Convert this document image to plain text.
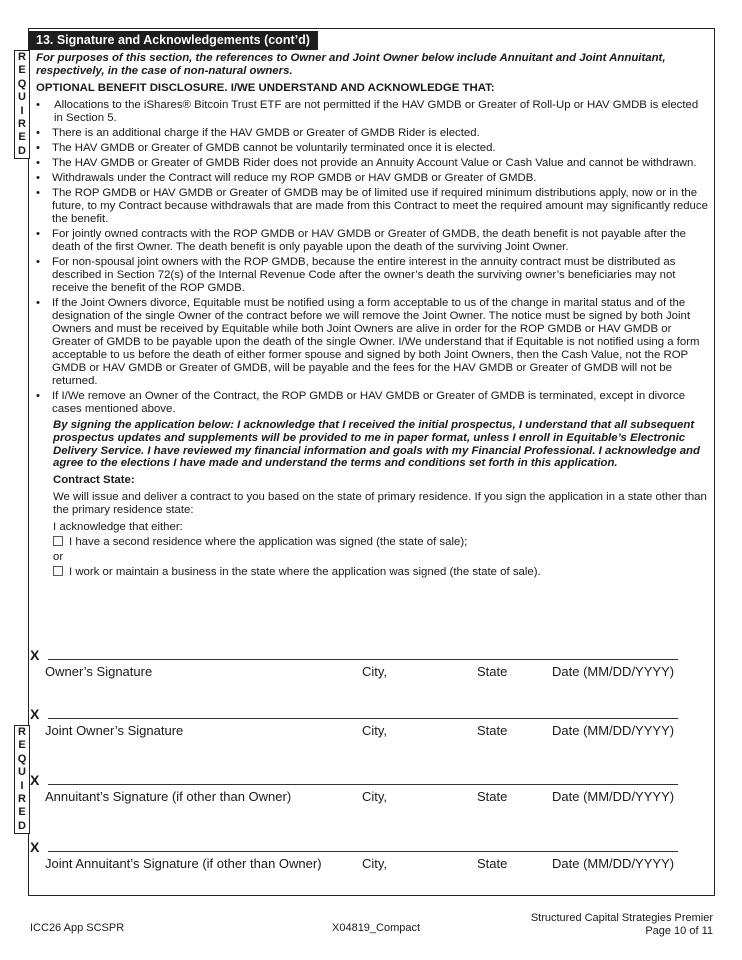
13. Signature and Acknowledgements (cont’d)
R
E
Q
U
I
R
E
D
R
E
Q
U
I
R
E
D

For purposes of this section, the references to Owner and Joint Owner below include Annuitant and Joint Annuitant, respectively, in the case of non-natural owners.

OPTIONAL BENEFIT DISCLOSURE. I/WE UNDERSTAND AND ACKNOWLEDGE THAT:

• Allocations to the iShares® Bitcoin Trust ETF are not permitted if the HAV GMDB or Greater of Roll-Up or HAV GMDB is elected in Section 5.
• There is an additional charge if the HAV GMDB or Greater of GMDB Rider is elected.
• The HAV GMDB or Greater of GMDB cannot be voluntarily terminated once it is elected.
• The HAV GMDB or Greater of GMDB Rider does not provide an Annuity Account Value or Cash Value and cannot be withdrawn.
• Withdrawals under the Contract will reduce my ROP GMDB or HAV GMDB or Greater of GMDB.
• The ROP GMDB or HAV GMDB or Greater of GMDB may be of limited use if required minimum distributions apply, now or in the future, to my Contract because withdrawals that are made from this Contract to meet the required amount may significantly reduce the benefit.
• For jointly owned contracts with the ROP GMDB or HAV GMDB or Greater of GMDB, the death benefit is not payable after the death of the first Owner. The death benefit is only payable upon the death of the surviving Joint Owner.
• For non-spousal joint owners with the ROP GMDB, because the entire interest in the annuity contract must be distributed as described in Section 72(s) of the Internal Revenue Code after the owner’s death the surviving owner’s beneficiaries may not receive the benefit of the ROP GMDB.
• If the Joint Owners divorce, Equitable must be notified using a form acceptable to us of the change in marital status and of the designation of the single Owner of the contract before we will remove the Joint Owner. The notice must be signed by both Joint Owners and must be received by Equitable while both Joint Owners are alive in order for the ROP GMDB or HAV GMDB or Greater of GMDB to be payable upon the death of the single Owner. I/We understand that if Equitable is not notified using a form acceptable to us before the death of either former spouse and signed by both Joint Owners, then the Cash Value, not the ROP GMDB or HAV GMDB or Greater of GMDB, will be payable and the fees for the HAV GMDB or Greater of GMDB will not be returned.
• If I/We remove an Owner of the Contract, the ROP GMDB or HAV GMDB or Greater of GMDB is terminated, except in divorce cases mentioned above.

By signing the application below: I acknowledge that I received the initial prospectus, I understand that all subsequent prospectus updates and supplements will be provided to me in paper format, unless I enroll in Equitable’s Electronic Delivery Service. I have reviewed my financial information and goals with my Financial Professional. I acknowledge and agree to the elections I have made and understand the terms and conditions set forth in this application.

Contract State:

We will issue and deliver a contract to you based on the state of primary residence. If you sign the application in a state other than the primary residence state:

I acknowledge that either:

I have a second residence where the application was signed (the state of sale);

or

I work or maintain a business in the state where the application was signed (the state of sale).

X
Owner’s Signature	City,	State	Date (MM/DD/YYYY)
X
Joint Owner’s Signature	City,	State	Date (MM/DD/YYYY)
X
Annuitant’s Signature (if other than Owner)	City,	State	Date (MM/DD/YYYY)
X
Joint Annuitant’s Signature (if other than Owner)	City,	State	Date (MM/DD/YYYY)
ICC26 App SCSPR	X04819_Compact
Structured Capital Strategies Premier
Page 10 of 11
